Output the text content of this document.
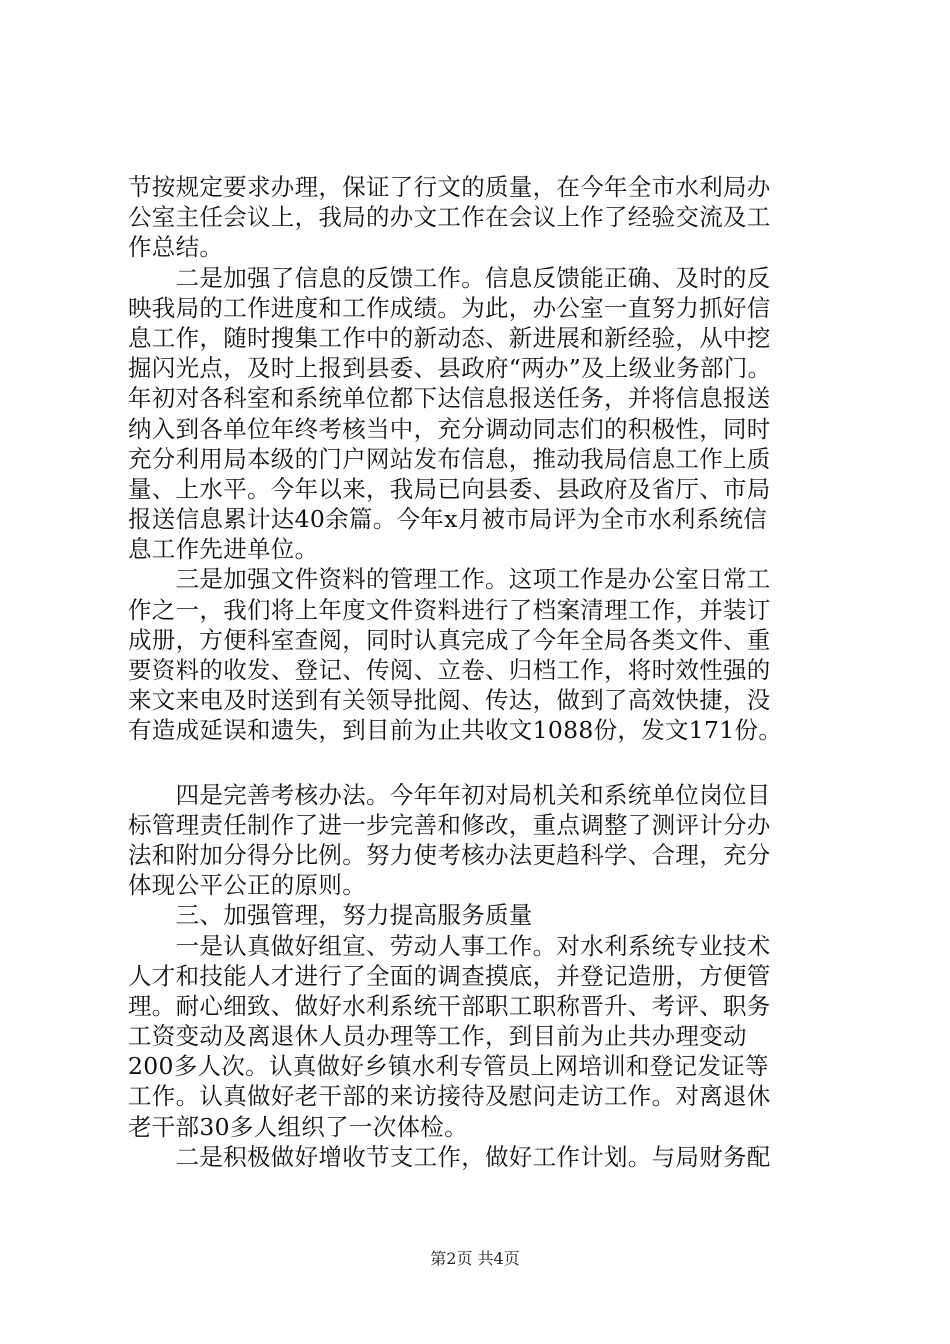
节按规定要求办理，保证了行文的质量，在今年全市水利局办
公室主任会议上，我局的办文工作在会议上作了经验交流及工
作总结。
　　二是加强了信息的反馈工作。信息反馈能正确、及时的反
映我局的工作进度和工作成绩。为此，办公室一直努力抓好信
息工作，随时搜集工作中的新动态、新进展和新经验，从中挖
掘闪光点，及时上报到县委、县政府“两办”及上级业务部门。
年初对各科室和系统单位都下达信息报送任务，并将信息报送
纳入到各单位年终考核当中，充分调动同志们的积极性，同时
充分利用局本级的门户网站发布信息，推动我局信息工作上质
量、上水平。今年以来，我局已向县委、县政府及省厅、市局
报送信息累计达40余篇。今年x月被市局评为全市水利系统信
息工作先进单位。
　　三是加强文件资料的管理工作。这项工作是办公室日常工
作之一，我们将上年度文件资料进行了档案清理工作，并装订
成册，方便科室查阅，同时认真完成了今年全局各类文件、重
要资料的收发、登记、传阅、立卷、归档工作，将时效性强的
来文来电及时送到有关领导批阅、传达，做到了高效快捷，没
有造成延误和遗失，到目前为止共收文1088份，发文171份。
　　四是完善考核办法。今年年初对局机关和系统单位岗位目
标管理责任制作了进一步完善和修改，重点调整了测评计分办
法和附加分得分比例。努力使考核办法更趋科学、合理，充分
体现公平公正的原则。
　　三、加强管理，努力提高服务质量
　　一是认真做好组宣、劳动人事工作。对水利系统专业技术
人才和技能人才进行了全面的调查摸底，并登记造册，方便管
理。耐心细致、做好水利系统干部职工职称晋升、考评、职务
工资变动及离退休人员办理等工作，到目前为止共办理变动
200多人次。认真做好乡镇水利专管员上网培训和登记发证等
工作。认真做好老干部的来访接待及慰问走访工作。对离退休
老干部30多人组织了一次体检。
　　二是积极做好增收节支工作，做好工作计划。与局财务配
第2页 共4页
